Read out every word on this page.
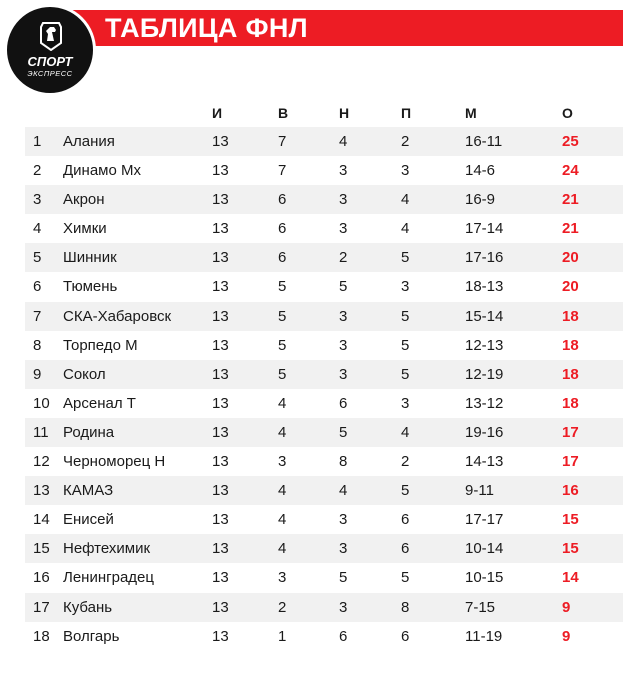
ТАБЛИЦА ФНЛ
СПОРТ
ЭКСПРЕСС
И	В	Н	П	М	О
1 Алания	13	7	4	2	16-11	25
2 Динамо Мх	13	7	3	3	14-6	24
3 Акрон	13	6	3	4	16-9	21
4 Химки	13	6	3	4	17-14	21
5 Шинник	13	6	2	5	17-16	20
6 Тюмень	13	5	5	3	18-13	20
7 СКА-Хабаровск	13	5	3	5	15-14	18
8 Торпедо М	13	5	3	5	12-13	18
9 Сокол	13	5	3	5	12-19	18
10 Арсенал Т	13	4	6	3	13-12	18
11 Родина	13	4	5	4	19-16	17
12 Черноморец Н	13	3	8	2	14-13	17
13 КАМАЗ	13	4	4	5	9-11	16
14 Енисей	13	4	3	6	17-17	15
15 Нефтехимик	13	4	3	6	10-14	15
16 Ленинградец	13	3	5	5	10-15	14
17 Кубань	13	2	3	8	7-15	9
18 Волгарь	13	1	6	6	11-19	9
